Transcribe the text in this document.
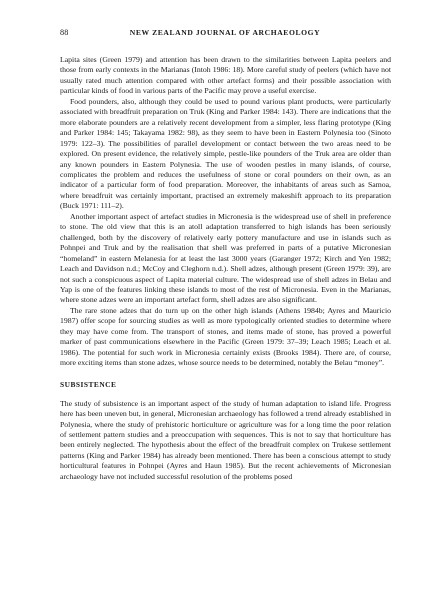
88	NEW ZEALAND JOURNAL OF ARCHAEOLOGY

Lapita sites (Green 1979) and attention has been drawn to the similarities between Lapita peelers and those from early contexts in the Marianas (Intoh 1986: 18). More careful study of peelers (which have not usually rated much attention compared with other artefact forms) and their possible association with particular kinds of food in various parts of the Pacific may prove a useful exercise.

Food pounders, also, although they could be used to pound various plant products, were particularly associated with breadfruit preparation on Truk (King and Parker 1984: 143). There are indications that the more elaborate pounders are a relatively recent development from a simpler, less flaring prototype (King and Parker 1984: 145; Takayama 1982: 98), as they seem to have been in Eastern Polynesia too (Sinoto 1979: 122–3). The possibilities of parallel development or contact between the two areas need to be explored. On present evidence, the relatively simple, pestle-like pounders of the Truk area are older than any known pounders in Eastern Polynesia. The use of wooden pestles in many islands, of course, complicates the problem and reduces the usefulness of stone or coral pounders on their own, as an indicator of a particular form of food preparation. Moreover, the inhabitants of areas such as Samoa, where breadfruit was certainly important, practised an extremely makeshift approach to its preparation (Buck 1971: 111–2).

Another important aspect of artefact studies in Micronesia is the widespread use of shell in preference to stone. The old view that this is an atoll adaptation transferred to high islands has been seriously challenged, both by the discovery of relatively early pottery manufacture and use in islands such as Pohnpei and Truk and by the realisation that shell was preferred in parts of a putative Micronesian “homeland” in eastern Melanesia for at least the last 3000 years (Garanger 1972; Kirch and Yen 1982; Leach and Davidson n.d.; McCoy and Cleghorn n.d.). Shell adzes, although present (Green 1979: 39), are not such a conspicuous aspect of Lapita material culture. The widespread use of shell adzes in Belau and Yap is one of the features linking these islands to most of the rest of Micronesia. Even in the Marianas, where stone adzes were an important artefact form, shell adzes are also significant.

The rare stone adzes that do turn up on the other high islands (Athens 1984b; Ayres and Mauricio 1987) offer scope for sourcing studies as well as more typologically oriented studies to determine where they may have come from. The transport of stones, and items made of stone, has proved a powerful marker of past communications elsewhere in the Pacific (Green 1979: 37–39; Leach 1985; Leach et al. 1986). The potential for such work in Micronesia certainly exists (Brooks 1984). There are, of course, more exciting items than stone adzes, whose source needs to be determined, notably the Belau “money”.

SUBSISTENCE

The study of subsistence is an important aspect of the study of human adaptation to island life. Progress here has been uneven but, in general, Micronesian archaeology has followed a trend already established in Polynesia, where the study of prehistoric horticulture or agriculture was for a long time the poor relation of settlement pattern studies and a preoccupation with sequences. This is not to say that horticulture has been entirely neglected. The hypothesis about the effect of the breadfruit complex on Trukese settlement patterns (King and Parker 1984) has already been mentioned. There has been a conscious attempt to study horticultural features in Pohnpei (Ayres and Haun 1985). But the recent achievements of Micronesian archaeology have not included successful resolution of the problems posed
